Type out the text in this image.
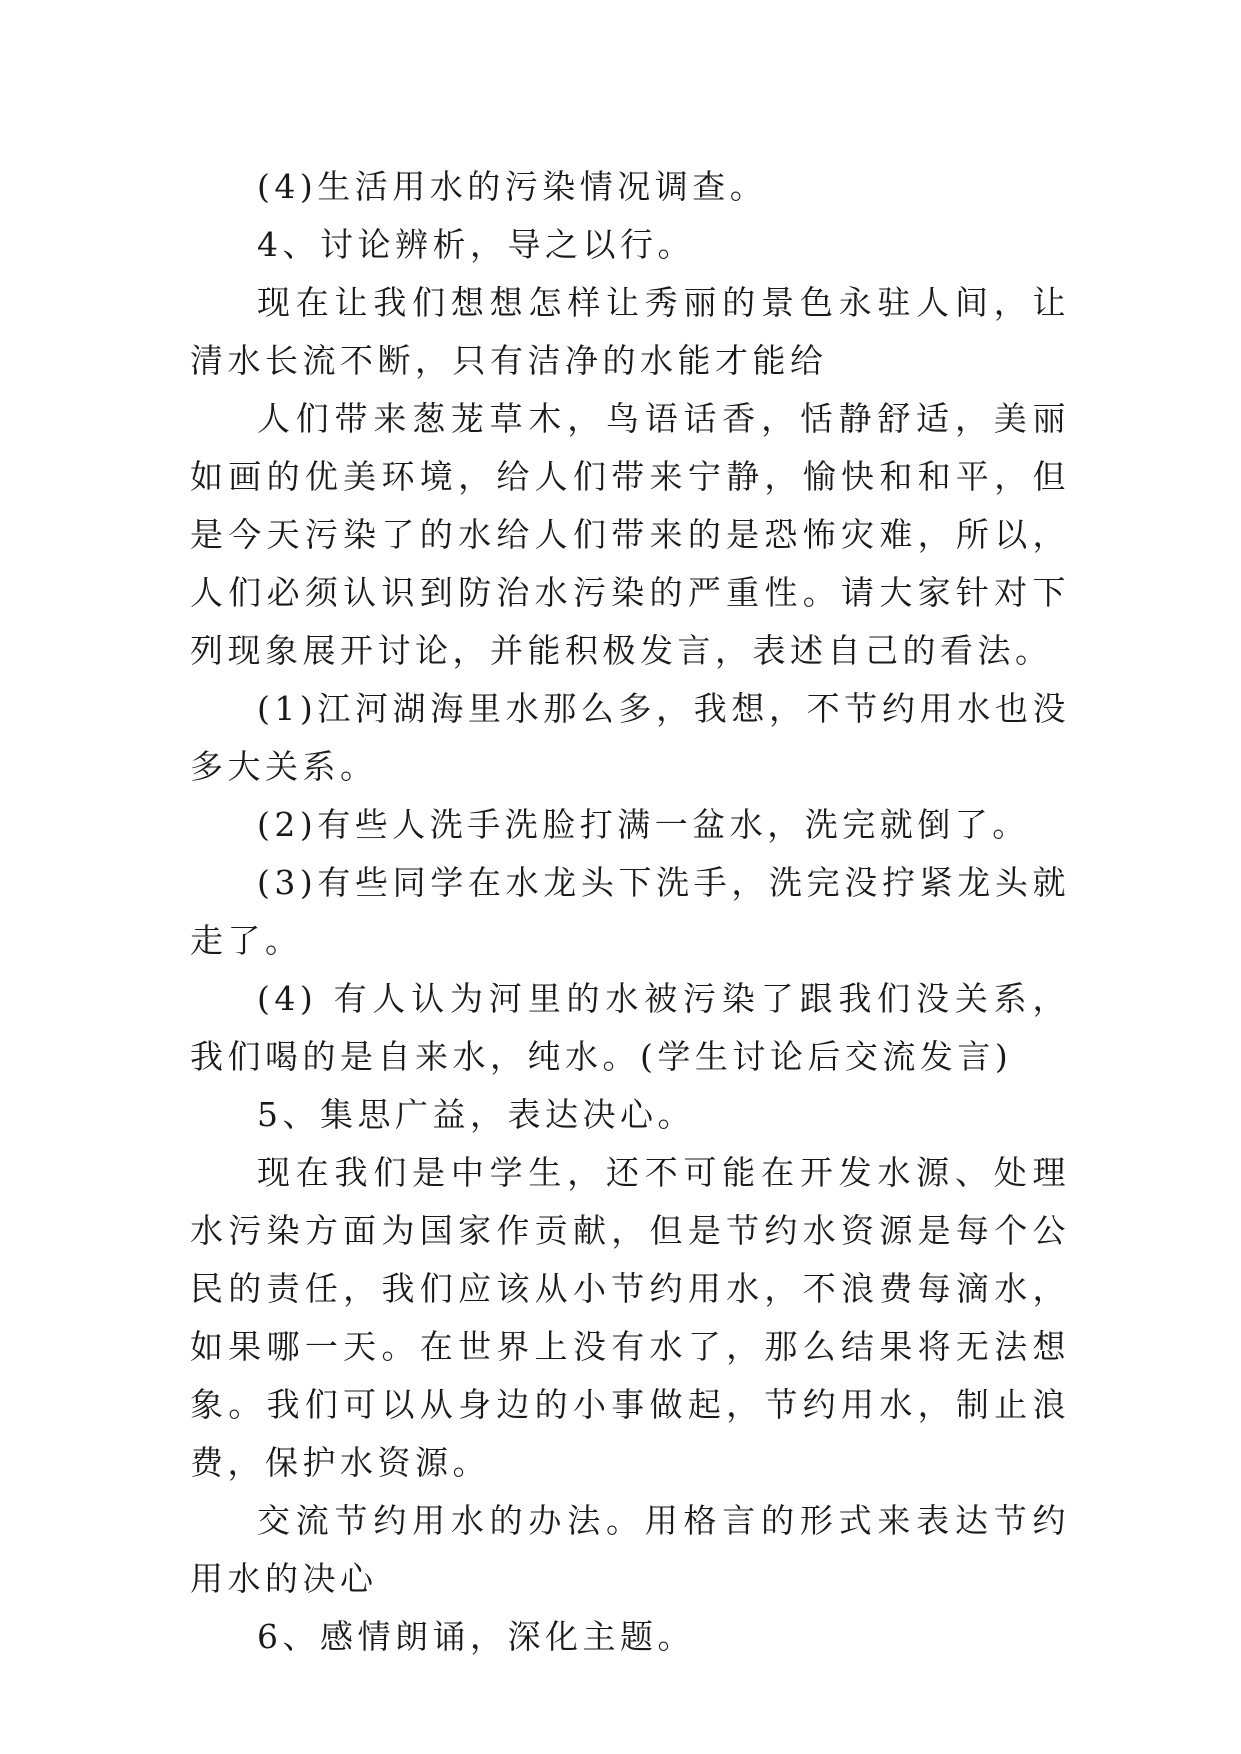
(4)生活用水的污染情况调查。

4、讨论辨析，导之以行。

现在让我们想想怎样让秀丽的景色永驻人间，让清水长流不断，只有洁净的水能才能给

人们带来葱茏草木，鸟语话香，恬静舒适，美丽如画的优美环境，给人们带来宁静，愉快和和平，但是今天污染了的水给人们带来的是恐怖灾难，所以，人们必须认识到防治水污染的严重性。请大家针对下列现象展开讨论，并能积极发言，表述自己的看法。

(1)江河湖海里水那么多，我想，不节约用水也没多大关系。

(2)有些人洗手洗脸打满一盆水，洗完就倒了。

(3)有些同学在水龙头下洗手，洗完没拧紧龙头就走了。

(4) 有人认为河里的水被污染了跟我们没关系，我们喝的是自来水，纯水。(学生讨论后交流发言)

5、集思广益，表达决心。

现在我们是中学生，还不可能在开发水源、处理水污染方面为国家作贡献，但是节约水资源是每个公民的责任，我们应该从小节约用水，不浪费每滴水，如果哪一天。在世界上没有水了，那么结果将无法想象。我们可以从身边的小事做起，节约用水，制止浪费，保护水资源。

交流节约用水的办法。用格言的形式来表达节约用水的决心

6、感情朗诵，深化主题。
